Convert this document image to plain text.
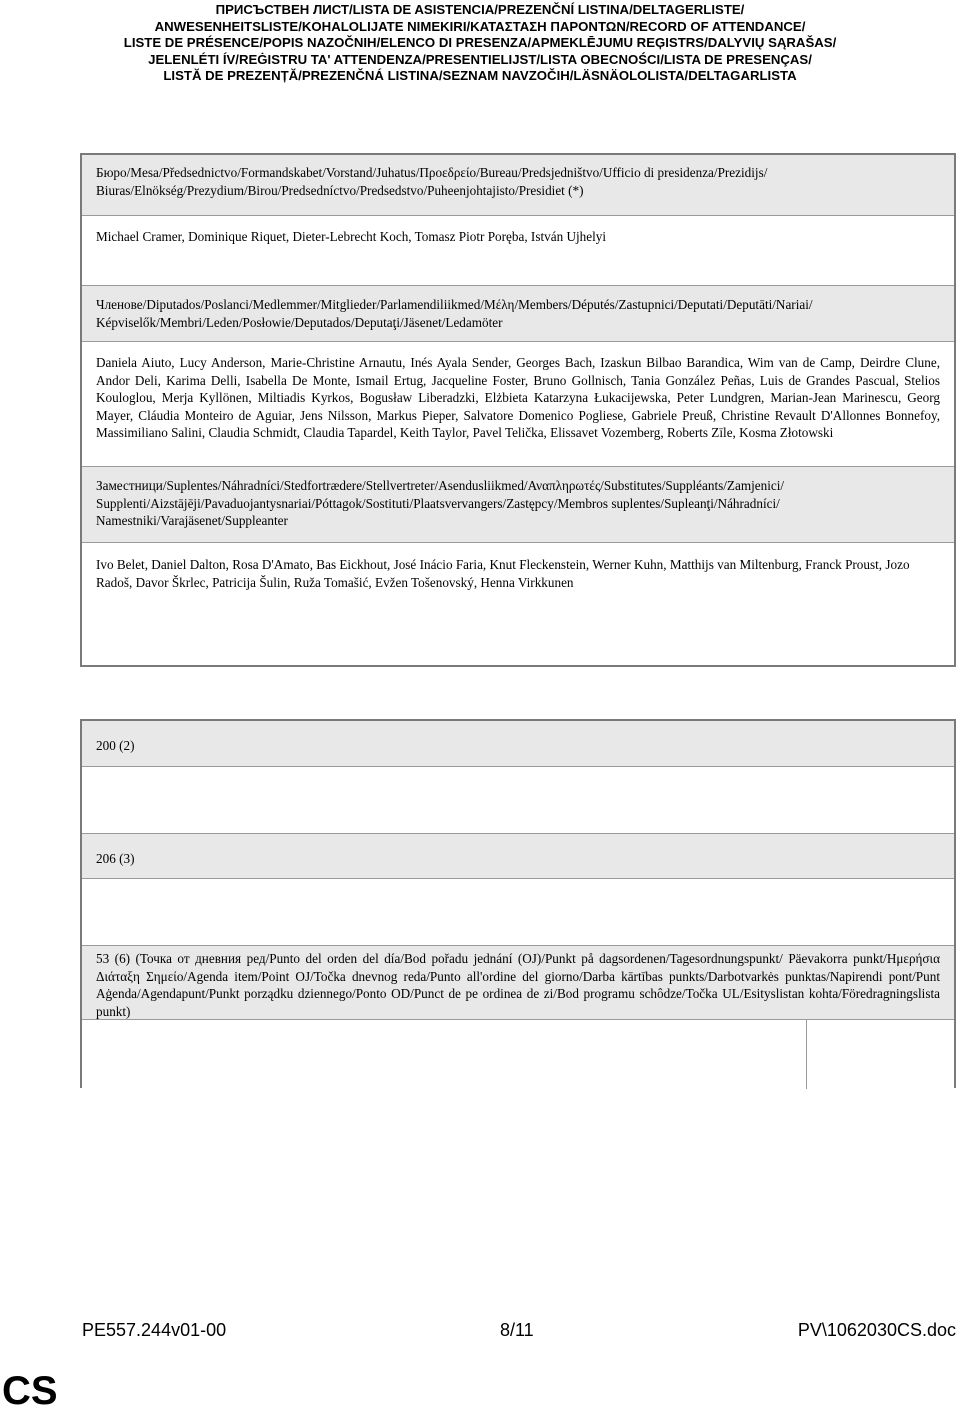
ПРИСЪСТВЕН ЛИСТ/LISTA DE ASISTENCIA/PREZENČNÍ LISTINA/DELTAGERLISTE/
ANWESENHEITSLISTE/KOHALOLIJATE NIMEKIRI/ΚΑΤΑΣΤΑΣΗ ΠΑΡΟΝΤΩΝ/RECORD OF ATTENDANCE/
LISTE DE PRÉSENCE/POPIS NAZOČNIH/ELENCO DI PRESENZA/APMEKLĒJUMU REĢISTRS/DALYVIŲ SĄRAŠAS/
JELENLÉTI ÍV/REĠISTRU TA' ATTENDENZA/PRESENTIELIJST/LISTA OBECNOŚCI/LISTA DE PRESENÇAS/
LISTĂ DE PREZENȚĂ/PREZENČNÁ LISTINA/SEZNAM NAVZOČIH/LÄSNÄOLOLISTA/DELTAGARLISTA

Бюро/Mesa/Předsednictvo/Formandskabet/Vorstand/Juhatus/Προεδρείο/Bureau/Predsjedništvo/Ufficio di presidenza/Prezidijs/

Biuras/Elnökség/Prezydium/Birou/Predsedníctvo/Predsedstvo/Puheenjohtajisto/Presidiet (*)

Michael Cramer, Dominique Riquet, Dieter-Lebrecht Koch, Tomasz Piotr Poręba, István Ujhelyi

Членове/Diputados/Poslanci/Medlemmer/Mitglieder/Parlamendiliikmed/Μέλη/Members/Députés/Zastupnici/Deputati/Deputāti/Nariai/

Képviselők/Membri/Leden/Posłowie/Deputados/Deputaţi/Jäsenet/Ledamöter

Daniela Aiuto, Lucy Anderson, Marie-Christine Arnautu, Inés Ayala Sender, Georges Bach, Izaskun Bilbao Barandica, Wim van de Camp, Deirdre Clune, Andor Deli, Karima Delli, Isabella De Monte, Ismail Ertug, Jacqueline Foster, Bruno Gollnisch, Tania González Peñas, Luis de Grandes Pascual, Stelios Kouloglou, Merja Kyllönen, Miltiadis Kyrkos, Bogusław Liberadzki, Elżbieta Katarzyna Łukacijewska, Peter Lundgren, Marian-Jean Marinescu, Georg Mayer, Cláudia Monteiro de Aguiar, Jens Nilsson, Markus Pieper, Salvatore Domenico Pogliese, Gabriele Preuß, Christine Revault D'Allonnes Bonnefoy, Massimiliano Salini, Claudia Schmidt, Claudia Tapardel, Keith Taylor, Pavel Telička, Elissavet Vozemberg, Roberts Zīle, Kosma Złotowski

Заместници/Suplentes/Náhradníci/Stedfortrædere/Stellvertreter/Asendusliikmed/Αναπληρωτές/Substitutes/Suppléants/Zamjenici/

Supplenti/Aizstājēji/Pavaduojantysnariai/Póttagok/Sostituti/Plaatsvervangers/Zastępcy/Membros suplentes/Supleanţi/Náhradníci/

Namestniki/Varajäsenet/Suppleanter

Ivo Belet, Daniel Dalton, Rosa D'Amato, Bas Eickhout, José Inácio Faria, Knut Fleckenstein, Werner Kuhn, Matthijs van Miltenburg, Franck Proust, Jozo Radoš, Davor Škrlec, Patricija Šulin, Ruža Tomašić, Evžen Tošenovský, Henna Virkkunen

200 (2)

206 (3)

53 (6) (Точка от дневния ред/Punto del orden del día/Bod pořadu jednání (OJ)/Punkt på dagsordenen/Tagesordnungspunkt/ Päevakorra punkt/Ημερήσια Διάταξη Σημείο/Agenda item/Point OJ/Točka dnevnog reda/Punto all'ordine del giorno/Darba kārtības punkts/Darbotvarkės punktas/Napirendi pont/Punt Aġenda/Agendapunt/Punkt porządku dziennego/Ponto OD/Punct de pe ordinea de zi/Bod programu schôdze/Točka UL/Esityslistan kohta/Föredragningslista punkt)

PE557.244v01-00	8/11	PV\1062030CS.doc
CS
